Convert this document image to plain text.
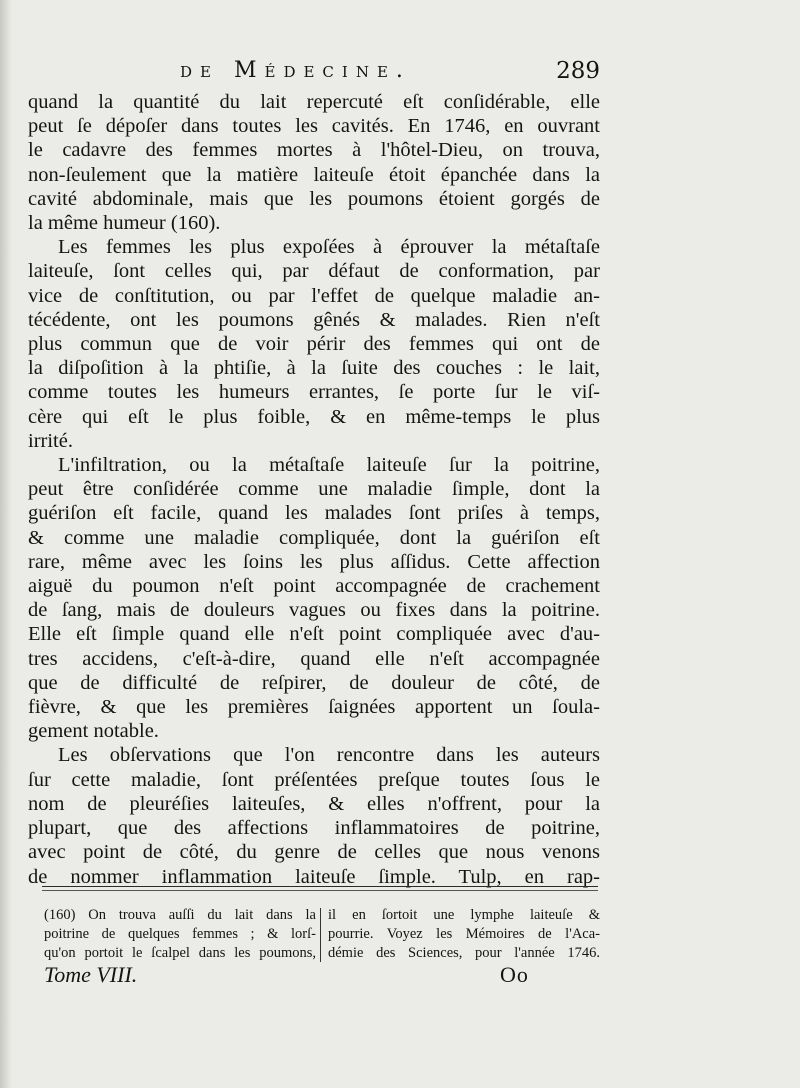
de Médecine.	289

quand la quantité du lait repercuté eſt conſidérable, elle
peut ſe dépoſer dans toutes les cavités. En 1746, en ouvrant
le cadavre des femmes mortes à l'hôtel-Dieu, on trouva,
non-ſeulement que la matière laiteuſe étoit épanchée dans la
cavité abdominale, mais que les poumons étoient gorgés de
la même humeur (160).

Les femmes les plus expoſées à éprouver la métaſtaſe
laiteuſe, ſont celles qui, par défaut de conformation, par
vice de conſtitution, ou par l'effet de quelque maladie an-
técédente, ont les poumons gênés & malades. Rien n'eſt
plus commun que de voir périr des femmes qui ont de
la diſpoſition à la phtiſie, à la ſuite des couches : le lait,
comme toutes les humeurs errantes, ſe porte ſur le viſ-
cère qui eſt le plus foible, & en même-temps le plus
irrité.

L'infiltration, ou la métaſtaſe laiteuſe ſur la poitrine,
peut être conſidérée comme une maladie ſimple, dont la
guériſon eſt facile, quand les malades ſont priſes à temps,
& comme une maladie compliquée, dont la guériſon eſt
rare, même avec les ſoins les plus aſſidus. Cette affection
aiguë du poumon n'eſt point accompagnée de crachement
de ſang, mais de douleurs vagues ou fixes dans la poitrine.
Elle eſt ſimple quand elle n'eſt point compliquée avec d'au-
tres accidens, c'eſt-à-dire, quand elle n'eſt accompagnée
que de difficulté de reſpirer, de douleur de côté, de
fièvre, & que les premières ſaignées apportent un ſoula-
gement notable.

Les obſervations que l'on rencontre dans les auteurs
ſur cette maladie, ſont préſentées preſque toutes ſous le
nom de pleuréſies laiteuſes, & elles n'offrent, pour la
plupart, que des affections inflammatoires de poitrine,
avec point de côté, du genre de celles que nous venons
de nommer inflammation laiteuſe ſimple. Tulp, en rap-

(160) On trouva auſſi du lait dans la
poitrine de quelques femmes ; & lorſ-
qu'on portoit le ſcalpel dans les poumons,
il en ſortoit une lymphe laiteuſe &
pourrie. Voyez les Mémoires de l'Aca-
démie des Sciences, pour l'année 1746.
Tome VIII.	Oo
